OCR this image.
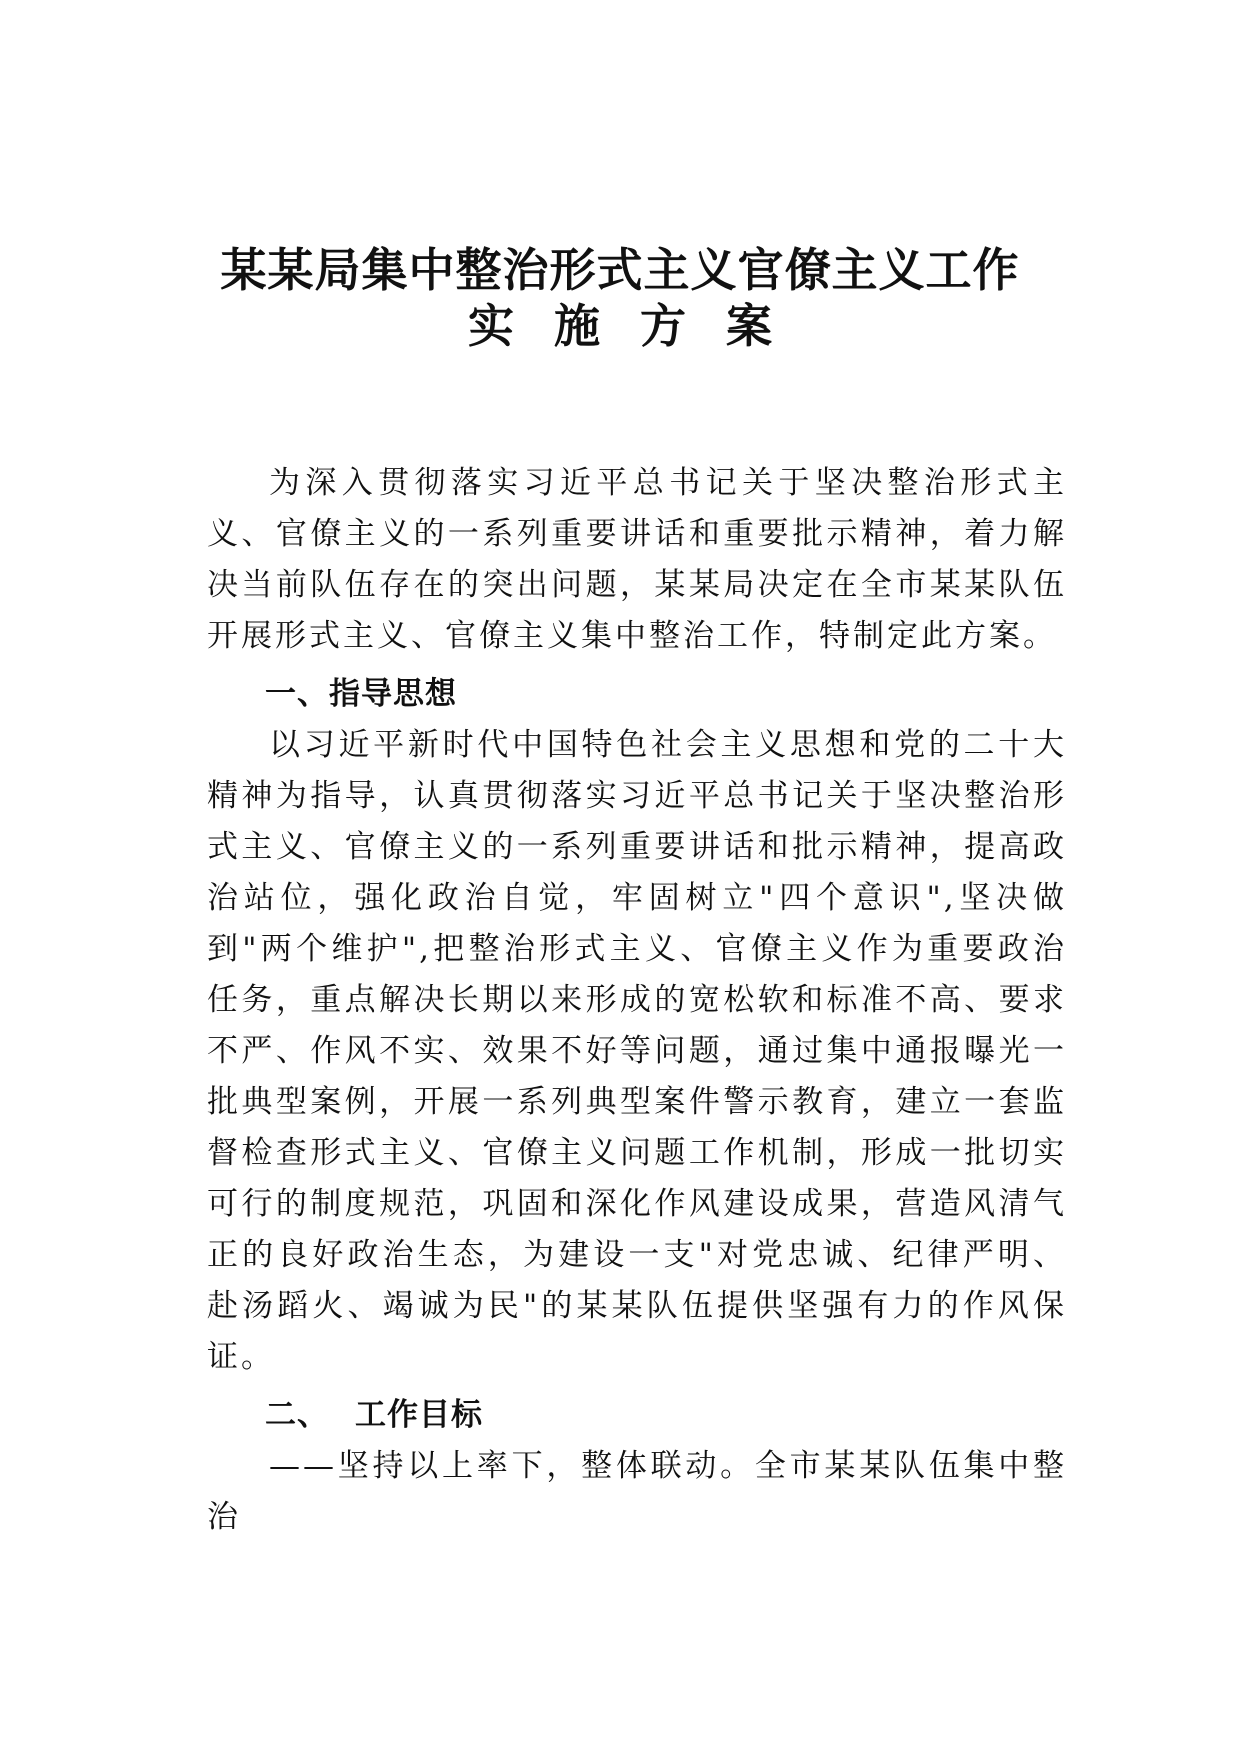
某某局集中整治形式主义官僚主义工作
实施方案

为深入贯彻落实习近平总书记关于坚决整治形式主义、官僚主义的一系列重要讲话和重要批示精神，着力解决当前队伍存在的突出问题，某某局决定在全市某某队伍开展形式主义、官僚主义集中整治工作，特制定此方案。

一、指导思想

以习近平新时代中国特色社会主义思想和党的二十大精神为指导，认真贯彻落实习近平总书记关于坚决整治形式主义、官僚主义的一系列重要讲话和批示精神，提高政治站位，强化政治自觉，牢固树立"四个意识",坚决做到"两个维护",把整治形式主义、官僚主义作为重要政治任务，重点解决长期以来形成的宽松软和标准不高、要求不严、作风不实、效果不好等问题，通过集中通报曝光一批典型案例，开展一系列典型案件警示教育，建立一套监督检查形式主义、官僚主义问题工作机制，形成一批切实可行的制度规范，巩固和深化作风建设成果，营造风清气正的良好政治生态，为建设一支"对党忠诚、纪律严明、赴汤蹈火、竭诚为民"的某某队伍提供坚强有力的作风保证。

二、 工作目标

——坚持以上率下，整体联动。全市某某队伍集中整治
